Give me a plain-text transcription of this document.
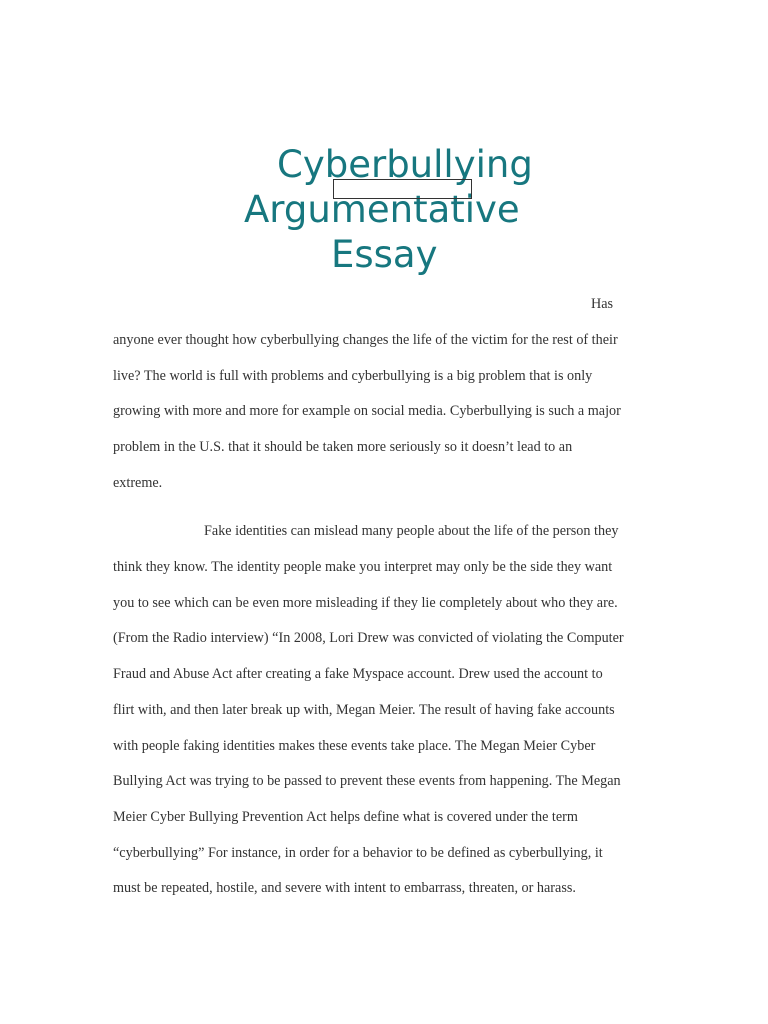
Cyberbullying
Argumentative
Essay
Has
anyone ever thought how cyberbullying changes the life of the victim for the rest of their
live? The world is full with problems and cyberbullying is a big problem that is only
growing with more and more for example on social media. Cyberbullying is such a major
problem in the U.S. that it should be taken more seriously so it doesn’t lead to an
extreme.
Fake identities can mislead many people about the life of the person they
think they know. The identity people make you interpret may only be the side they want
you to see which can be even more misleading if they lie completely about who they are.
(From the Radio interview) “In 2008, Lori Drew was convicted of violating the Computer
Fraud and Abuse Act after creating a fake Myspace account. Drew used the account to
flirt with, and then later break up with, Megan Meier. The result of having fake accounts
with people faking identities makes these events take place. The Megan Meier Cyber
Bullying Act was trying to be passed to prevent these events from happening. The Megan
Meier Cyber Bullying Prevention Act helps define what is covered under the term
“cyberbullying” For instance, in order for a behavior to be defined as cyberbullying, it
must be repeated, hostile, and severe with intent to embarrass, threaten, or harass.
